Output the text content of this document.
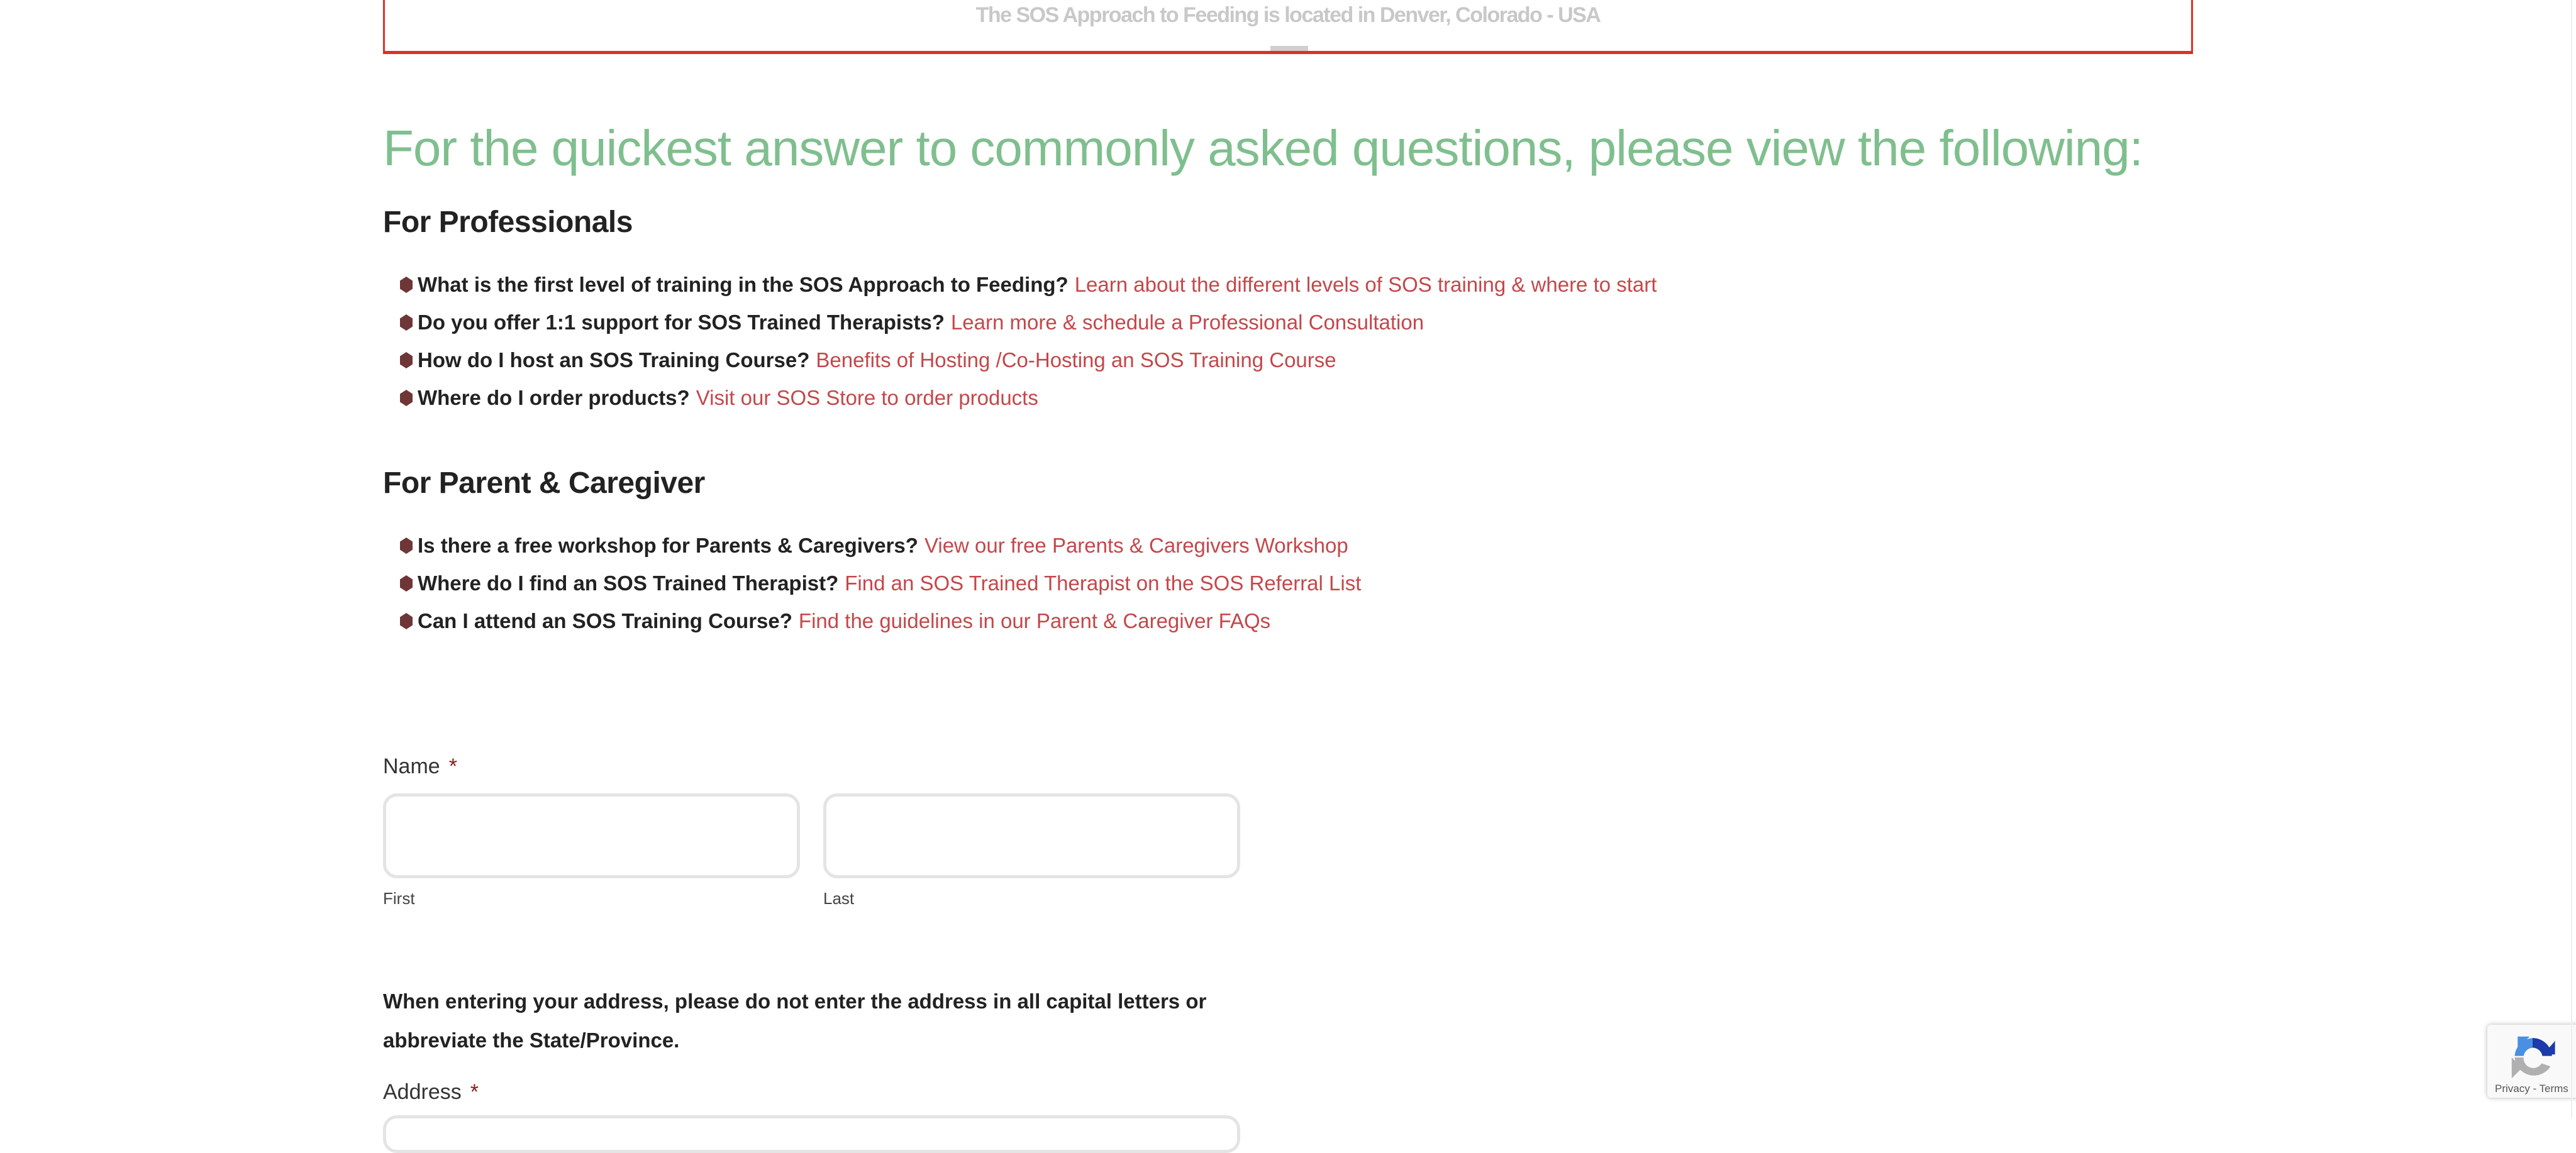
The SOS Approach to Feeding is located in Denver, Colorado - USA
For the quickest answer to commonly asked questions, please view the following:
For Professionals
What is the first level of training in the SOS Approach to Feeding? Learn about the different levels of SOS training & where to start
Do you offer 1:1 support for SOS Trained Therapists? Learn more & schedule a Professional Consultation
How do I host an SOS Training Course? Benefits of Hosting /Co-Hosting an SOS Training Course
Where do I order products? Visit our SOS Store to order products
For Parent & Caregiver
Is there a free workshop for Parents & Caregivers? View our free Parents & Caregivers Workshop
Where do I find an SOS Trained Therapist? Find an SOS Trained Therapist on the SOS Referral List
Can I attend an SOS Training Course? Find the guidelines in our Parent & Caregiver FAQs
Name *
First	Last
When entering your address, please do not enter the address in all capital letters or abbreviate the State/Province.
Address *	Privacy - Terms
